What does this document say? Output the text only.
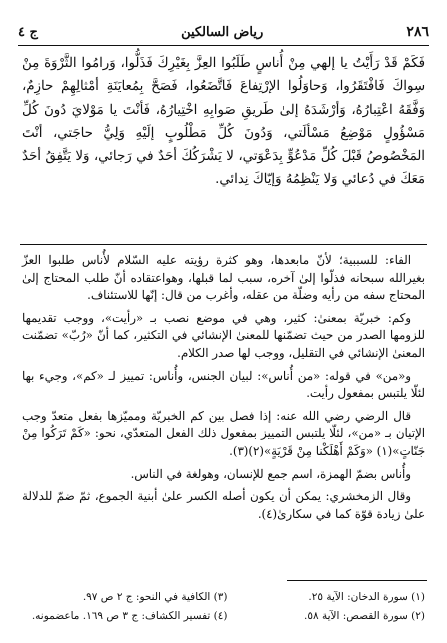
ج ٤	رياض السالكين	٢٨٦

فَكَمْ قَدْ رَأَيْتُ يا إلهي مِنْ أُناسٍ طَلَبُوا العِزَّ بِغَيْرِكَ فَذَلُّوا، وَرامُوا الثَّرْوَةَ مِنْ سِواكَ فَافْتَقَرُوا، وَحاوَلُوا الإرْتِفاعَ فَاتَّضَعُوا، فَصَحَّ بِمُعايَنَةِ أمْثالِهِمْ حازِمٌ، وَفَّقَهُ اعْتِبارُهُ، وَأرْشَدَهُ إلىٰ طَريقِ صَوابِهِ اخْتِيارُهُ، فَأنْتَ يا مَوْلايَ دُونَ كُلِّ مَسْؤُولٍ مَوْضِعُ مَسْألَتي، وَدُونَ كُلِّ مَطْلُوبٍ إلَيْهِ وَلِيُّ حاجَتي، أنْتَ المَخْصُوصُ قَبْلَ كُلِّ مَدْعُوٍّ بِدَعْوَتي، لا يَشْرَكُكَ أحَدٌ في رَجائي، وَلا يَتَّفِقُ أحَدٌ مَعَكَ في دُعائي وَلا يَنْظِمُهُ وَإيّاكَ نِدائي.

الفاء: للسببية؛ لأنّ مابعدها، وهو كثرة رؤيته عليه السّلام لأُناس طلبوا العزّ بغيرالله سبحانه فذلّوا إلىٰ آخره، سبب لما قبلها، وهواعتقاده أنّ طلب المحتاج إلىٰ المحتاج سفه من رأيه وضلّة من عقله، وأغرب من قال: إنّها للاستئناف.

وكم: خبريّة بمعنىٰ: كثير، وهي في موضع نصب بـ «رأيت»، ووجب تقديمها للزومها الصدر من حيث تضمّنها للمعنىٰ الإنشائي في التكثير، كما أنّ «رُبّ» تضمّنت المعنىٰ الإنشائي في التقليل، ووجب لها صدر الكلام.

و«من» في قوله: «من أُناس»: لبيان الجنس، وأُناس: تمييز لـ «كم»، وجيء بها لئلّا يلتبس بمفعول رأيت.

قال الرضي رضي الله عنه: إذا فصل بين كم الخبريّة ومميّزها بفعل متعدّ وجب الإتيان بـ «من»، لئلّا يلتبس التمييز بمفعول ذلك الفعل المتعدّي، نحو: «كَمْ تَرَكُوا مِنْ جَنّاتٍ»(١) «وَكَمْ أَهْلَكْنا مِنْ قَرْيَةٍ»(٢)(٣).

وأُناس بضمّ الهمزة، اسم جمع للإنسان، وهولغة في الناس.

وقال الزمخشري: يمكن أن يكون أصله الكسر علىٰ أبنية الجموع، ثمّ ضمّ للدلالة علىٰ زيادة قوّة كما في سكارىٰ(٤).

(١) سورة الدخان: الآية ٢٥.
(٢) سورة القصص: الآية ٥٨.
(٣) الكافية في النحو: ج ٢ ص ٩٧.
(٤) تفسير الكشاف: ج ٣ ص ١٦٩. ماعضمونه.
